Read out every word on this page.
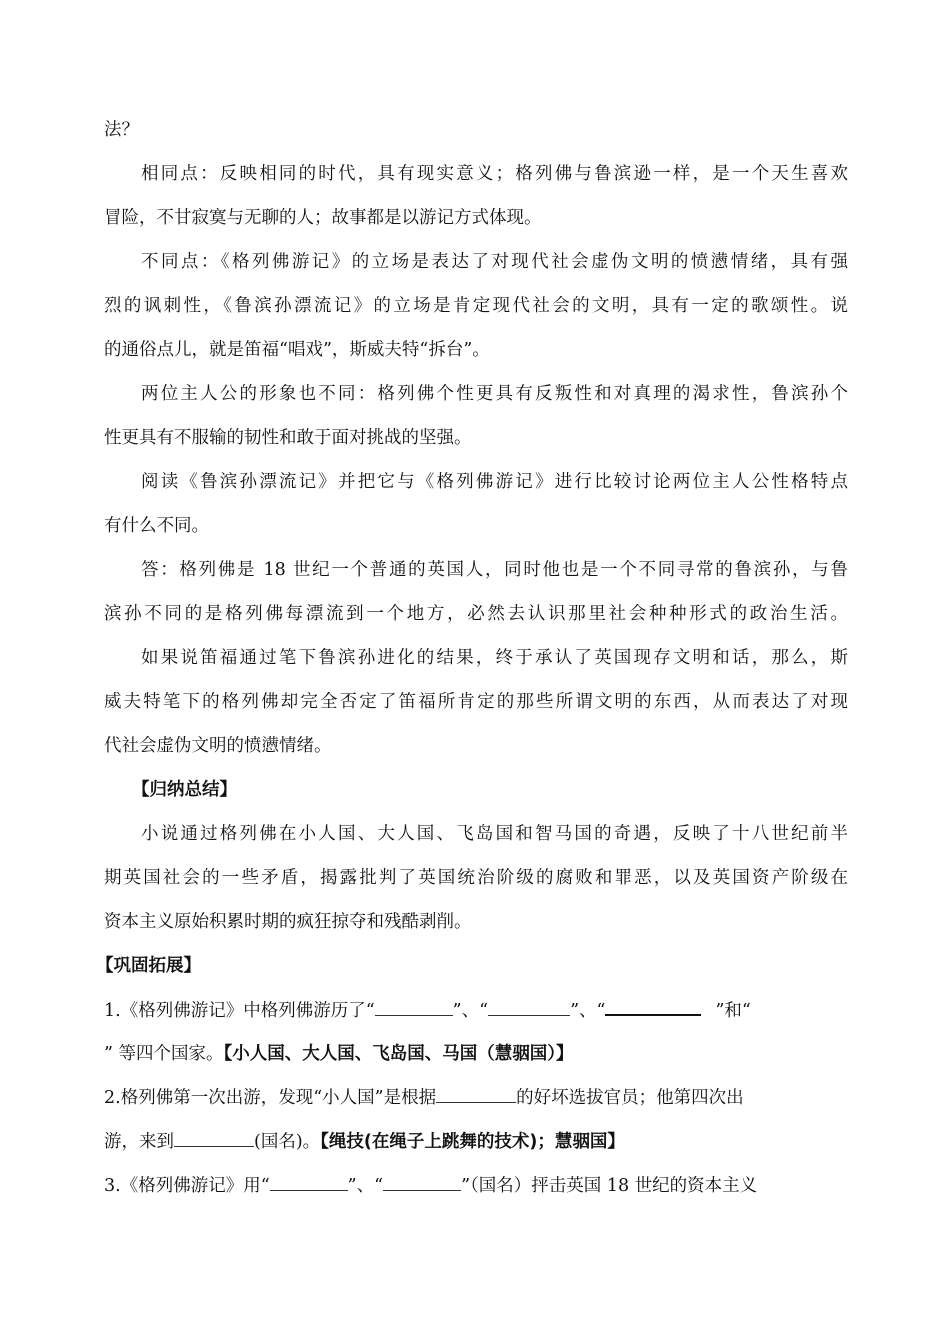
法？
相同点：反映相同的时代，具有现实意义；格列佛与鲁滨逊一样，是一个天生喜欢
冒险，不甘寂寞与无聊的人；故事都是以游记方式体现。
不同点：《格列佛游记》的立场是表达了对现代社会虚伪文明的愤懑情绪，具有强
烈的讽刺性，《鲁滨孙漂流记》的立场是肯定现代社会的文明，具有一定的歌颂性。说
的通俗点儿，就是笛福“唱戏”，斯威夫特“拆台”。
两位主人公的形象也不同：格列佛个性更具有反叛性和对真理的渴求性，鲁滨孙个
性更具有不服输的韧性和敢于面对挑战的坚强。
阅读《鲁滨孙漂流记》并把它与《格列佛游记》进行比较讨论两位主人公性格特点
有什么不同。
答：格列佛是 18 世纪一个普通的英国人，同时他也是一个不同寻常的鲁滨孙，与鲁
滨孙不同的是格列佛每漂流到一个地方，必然去认识那里社会种种形式的政治生活。
如果说笛福通过笔下鲁滨孙进化的结果，终于承认了英国现存文明和话，那么，斯
威夫特笔下的格列佛却完全否定了笛福所肯定的那些所谓文明的东西，从而表达了对现
代社会虚伪文明的愤懑情绪。
【归纳总结】
小说通过格列佛在小人国、大人国、飞岛国和智马国的奇遇，反映了十八世纪前半
期英国社会的一些矛盾，揭露批判了英国统治阶级的腐败和罪恶，以及英国资产阶级在
资本主义原始积累时期的疯狂掠夺和残酷剥削。
【巩固拓展】
1.《格列佛游记》中格列佛游历了“	”、“	”、“	”和“
” 等四个国家。【小人国、大人国、飞岛国、马国（慧骃国）】
2.格列佛第一次出游，发现“小人国”是根据	的好坏选拔官员；他第四次出
游，来到	(国名)。【绳技(在绳子上跳舞的技术)；慧骃国】
3.《格列佛游记》用“	”、“	”（国名）抨击英国 18 世纪的资本主义
